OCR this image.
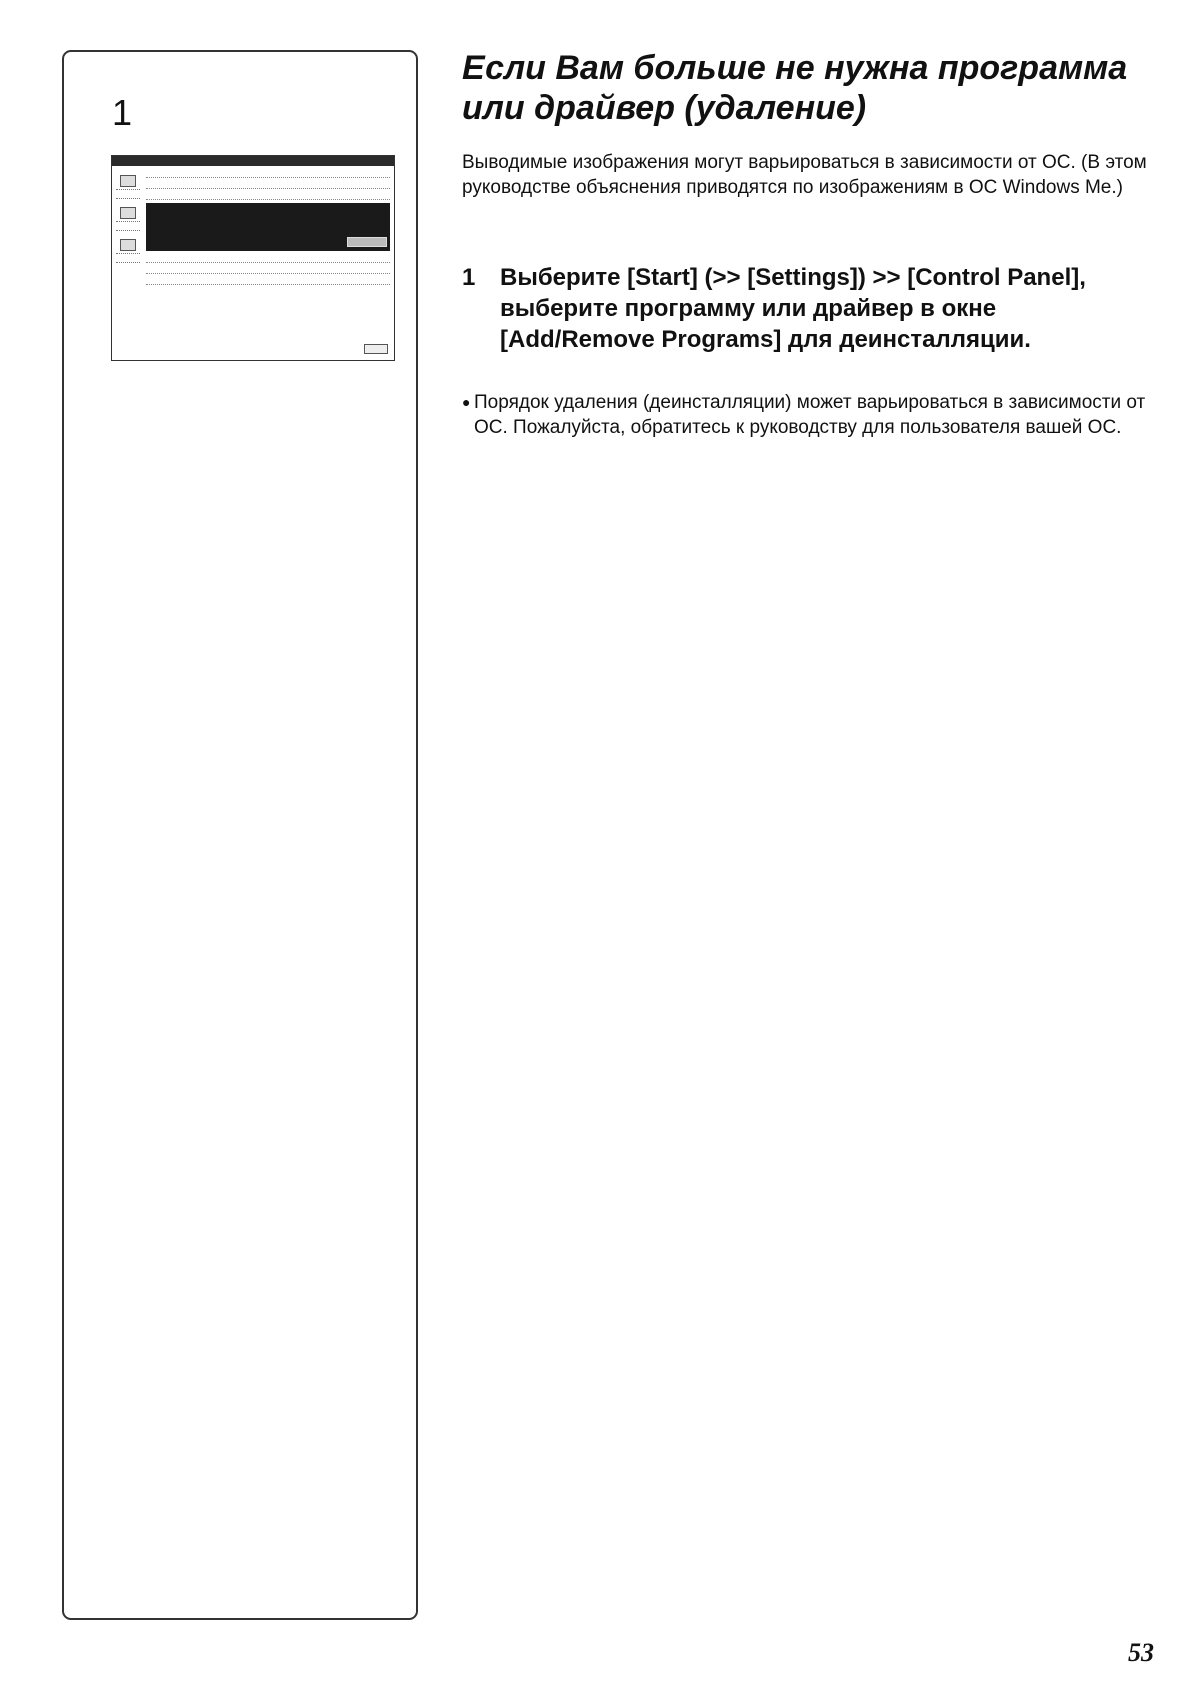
1
Если Вам больше не нужна программа или драйвер (удаление)

Выводимые изображения могут варьироваться в зависимости от ОС. (В этом руководстве объяснения приводятся по изображениям в ОС Windows Me.)

1 Выберите [Start] (>> [Settings]) >> [Control Panel], выберите программу или драйвер в окне [Add/Remove Programs] для деинсталляции.

● Порядок удаления (деинсталляции) может варьироваться в зависимости от ОС. Пожалуйста, обратитесь к руководству для пользователя вашей ОС.

53
